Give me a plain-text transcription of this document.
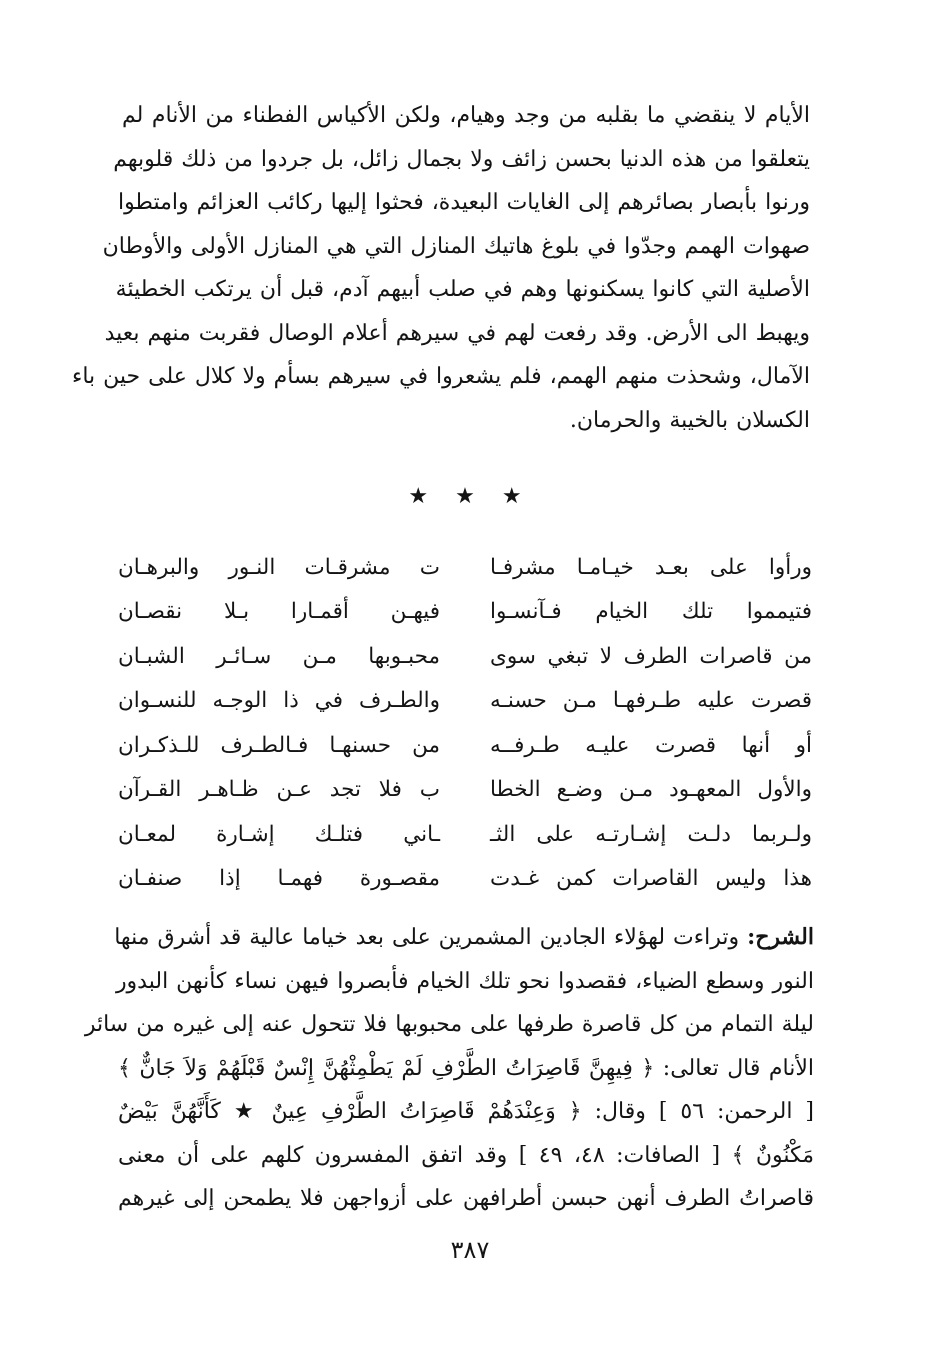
الأيام لا ينقضي ما بقلبه من وجد وهيام، ولكن الأكياس الفطناء من الأنام لم
يتعلقوا من هذه الدنيا بحسن زائف ولا بجمال زائل، بل جردوا من ذلك قلوبهم
ورنوا بأبصار بصائرهم إلى الغايات البعيدة، فحثوا إليها ركائب العزائم وامتطوا
صهوات الهمم وجدّوا في بلوغ هاتيك المنازل التي هي المنازل الأولى والأوطان
الأصلية التي كانوا يسكنونها وهم في صلب أبيهم آدم، قبل أن يرتكب الخطيئة
ويهبط الى الأرض. وقد رفعت لهم في سيرهم أعلام الوصال فقربت منهم بعيد
الآمال، وشحذت منهم الهمم، فلم يشعروا في سيرهم بسأم ولا كلال على حين باء
الكسلان بالخيبة والحرمان.
★ ★ ★
ورأوا على بعـد خيـامـا مشرفـا
ت مشرقـات النـور والبرهـان
فتيمموا تلك الخيام فـآنسـوا
فيهـن أقمـارا بـلا نقصـان
من قاصرات الطرف لا تبغي سوى
محبـوبها مـن سـائـر الشبـان
قصرت عليه طـرفهـا مـن حسنـه
والطـرف في ذا الوجـه للنسـوان
أو أنها قصرت عليـه طـرفــه
من حسنهـا فـالطـرف للـذكـران
والأول المعهـود مـن وضـع الخطا
ب فلا تجد عـن ظـاهـر القـرآن
ولـربما دلـت إشـارتـه على الثـ
ـاني فتلـك إشـارة لمعـان
هذا وليس القاصرات كمن غـدت
مقصـورة فهمـا إذا صنفـان
الشرح: وتراءت لهؤلاء الجادين المشمرين على بعد خياما عالية قد أشرق منها
النور وسطع الضياء، فقصدوا نحو تلك الخيام فأبصروا فيهن نساء كأنهن البدور
ليلة التمام من كل قاصرة طرفها على محبوبها فلا تتحول عنه إلى غيره من سائر
الأنام قال تعالى: ﴿ فِيهِنَّ قَاصِرَاتُ الطَّرْفِ لَمْ يَطْمِثْهُنَّ إِنْسٌ قَبْلَهُمْ وَلاَ جَانٌّ ﴾
[ الرحمن: ٥٦ ] وقال: ﴿ وَعِنْدَهُمْ قَاصِرَاتُ الطَّرْفِ عِينٌ ★ كَأَنَّهُنَّ بَيْضٌ
مَكْنُونٌ ﴾ [ الصافات: ٤٨، ٤٩ ] وقد اتفق المفسرون كلهم على أن معنى
قاصراتُ الطرف أنهن حبسن أطرافهن على أزواجهن فلا يطمحن إلى غيرهم
٣٨٧
